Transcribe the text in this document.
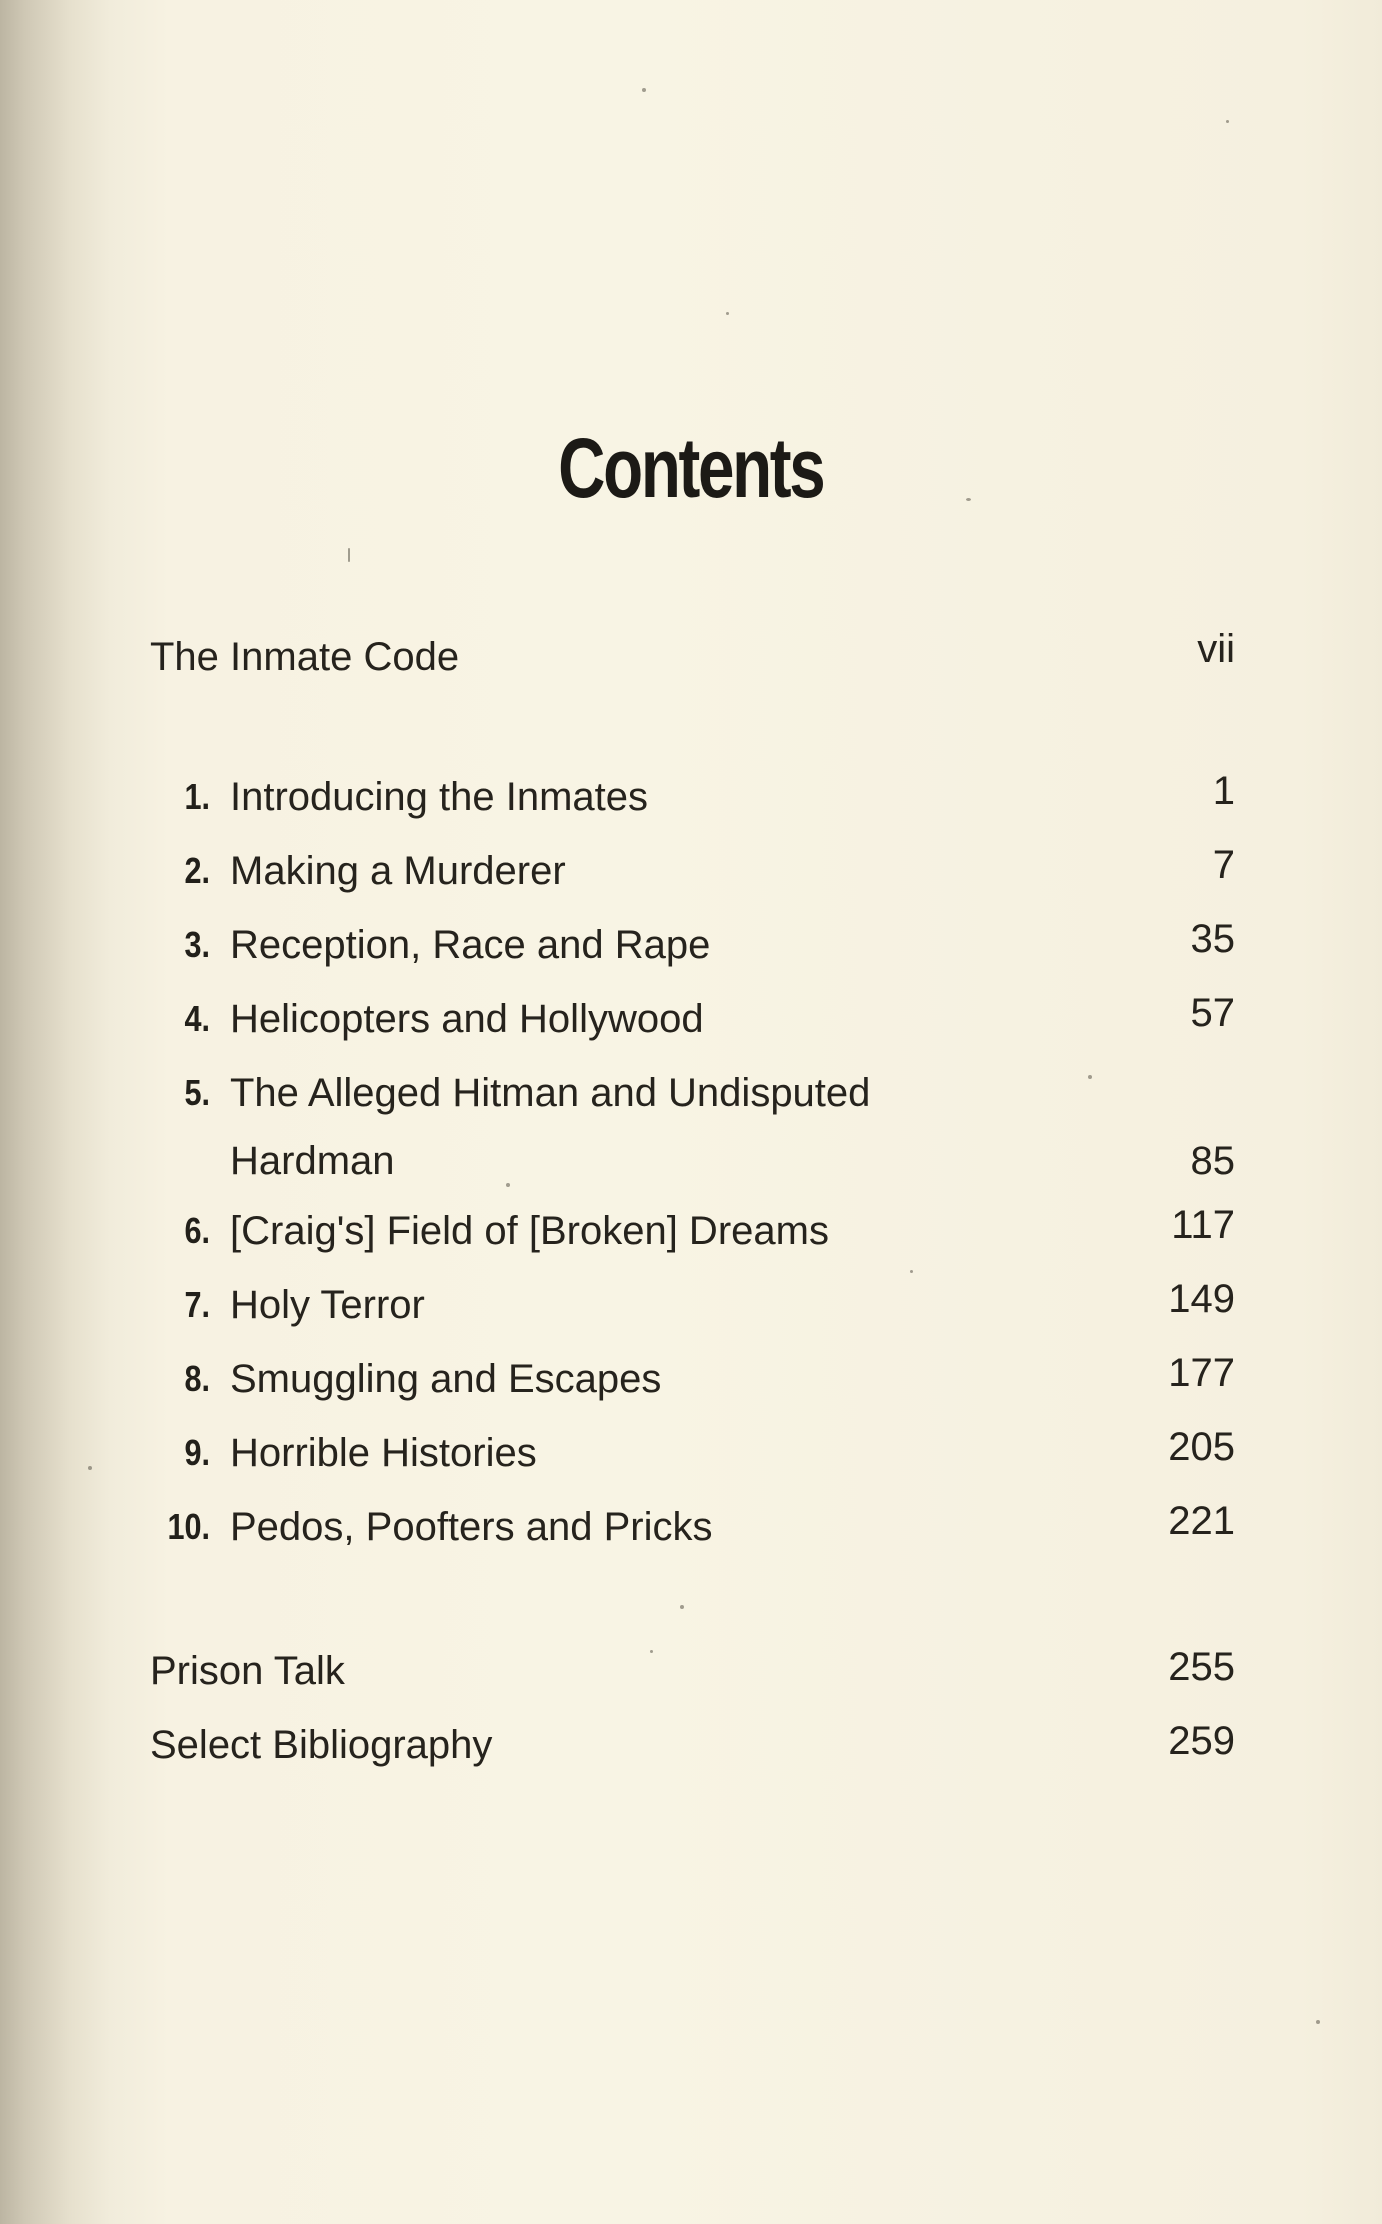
Contents
The Inmate Code	vii
1. Introducing the Inmates	1
2. Making a Murderer	7
3. Reception, Race and Rape	35
4. Helicopters and Hollywood	57
5. The Alleged Hitman and Undisputed
Hardman	85
6. [Craig's] Field of [Broken] Dreams	117
7. Holy Terror	149
8. Smuggling and Escapes	177
9. Horrible Histories	205
10. Pedos, Poofters and Pricks	221
Prison Talk	255
Select Bibliography	259
